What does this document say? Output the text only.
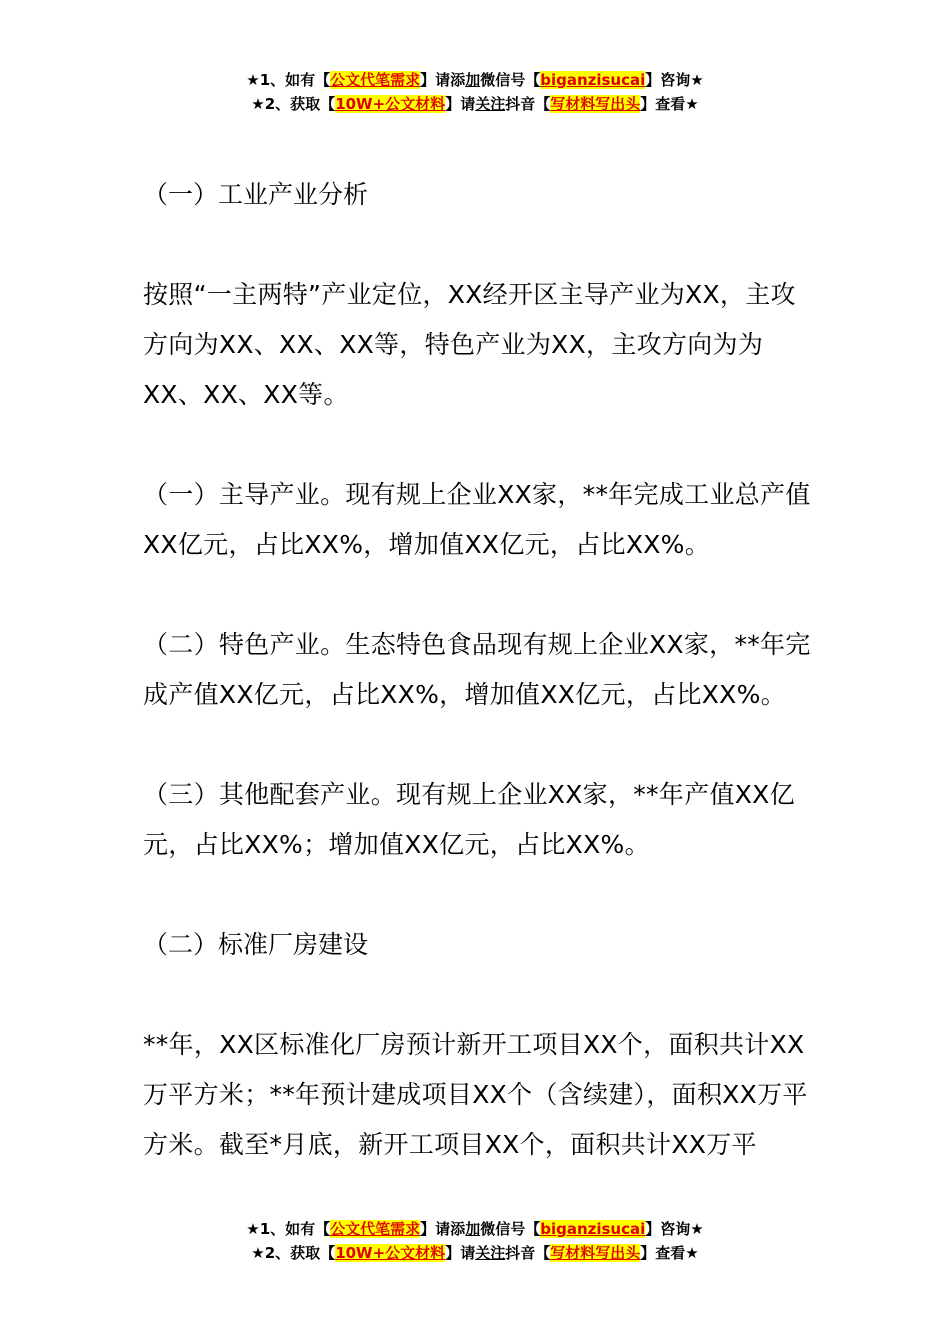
★1、如有【公文代笔需求】请添加微信号【biganzisucai】咨询★
★2、获取【10W+公文材料】请关注抖音【写材料写出头】查看★

（一）工业产业分析

按照“一主两特”产业定位，XX经开区主导产业为XX，主攻方向为XX、XX、XX等，特色产业为XX，主攻方向为为XX、XX、XX等。

（一）主导产业。现有规上企业XX家，**年完成工业总产值XX亿元，占比XX%，增加值XX亿元，占比XX%。

（二）特色产业。生态特色食品现有规上企业XX家，**年完成产值XX亿元，占比XX%，增加值XX亿元，占比XX%。

（三）其他配套产业。现有规上企业XX家，**年产值XX亿元，占比XX%；增加值XX亿元，占比XX%。

（二）标准厂房建设

**年，XX区标准化厂房预计新开工项目XX个，面积共计XX万平方米；**年预计建成项目XX个（含续建），面积XX万平方米。截至*月底，新开工项目XX个，面积共计XX万平

★1、如有【公文代笔需求】请添加微信号【biganzisucai】咨询★
★2、获取【10W+公文材料】请关注抖音【写材料写出头】查看★
